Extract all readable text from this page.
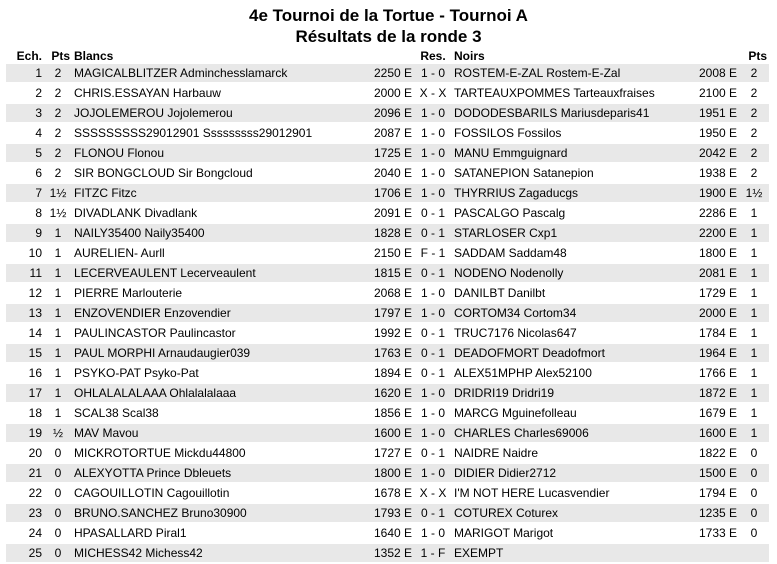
4e Tournoi de la Tortue - Tournoi A
Résultats de la ronde 3
Ech.	Pts	Blancs		Res.	Noirs		Pts
1	2	MAGICALBLITZER Adminchesslamarck	2250 E	1 - 0	ROSTEM-E-ZAL Rostem-E-Zal	2008 E	2
2	2	CHRIS.ESSAYAN Harbauw	2000 E	X - X	TARTEAUXPOMMES Tarteauxfraises	2100 E	2
3	2	JOJOLEMEROU Jojolemerou	2096 E	1 - 0	DODODESBARILS Mariusdeparis41	1951 E	2
4	2	SSSSSSSSS29012901 Sssssssss29012901	2087 E	1 - 0	FOSSILOS Fossilos	1950 E	2
5	2	FLONOU Flonou	1725 E	1 - 0	MANU Emmguignard	2042 E	2
6	2	SIR BONGCLOUD Sir Bongcloud	2040 E	1 - 0	SATANEPION Satanepion	1938 E	2
7	1½	FITZC Fitzc	1706 E	1 - 0	THYRRIUS Zagaducgs	1900 E	1½
8	1½	DIVADLANK Divadlank	2091 E	0 - 1	PASCALGO Pascalg	2286 E	1
9	1	NAILY35400 Naily35400	1828 E	0 - 1	STARLOSER Cxp1	2200 E	1
10	1	AURELIEN- Aurll	2150 E	F - 1	SADDAM Saddam48	1800 E	1
11	1	LECERVEAULENT Lecerveaulent	1815 E	0 - 1	NODENO Nodenolly	2081 E	1
12	1	PIERRE Marlouterie	2068 E	1 - 0	DANILBT Danilbt	1729 E	1
13	1	ENZOVENDIER Enzovendier	1797 E	1 - 0	CORTOM34 Cortom34	2000 E	1
14	1	PAULINCASTOR Paulincastor	1992 E	0 - 1	TRUC7176 Nicolas647	1784 E	1
15	1	PAUL MORPHI Arnaudaugier039	1763 E	0 - 1	DEADOFMORT Deadofmort	1964 E	1
16	1	PSYKO-PAT Psyko-Pat	1894 E	0 - 1	ALEX51MPHP Alex52100	1766 E	1
17	1	OHLALALALAAA Ohlalalalaaa	1620 E	1 - 0	DRIDRI19 Dridri19	1872 E	1
18	1	SCAL38 Scal38	1856 E	1 - 0	MARCG Mguinefolleau	1679 E	1
19	½	MAV Mavou	1600 E	1 - 0	CHARLES Charles69006	1600 E	1
20	0	MICKROTORTUE Mickdu44800	1727 E	0 - 1	NAIDRE Naidre	1822 E	0
21	0	ALEXYOTTA Prince Dbleuets	1800 E	1 - 0	DIDIER Didier2712	1500 E	0
22	0	CAGOUILLOTIN Cagouillotin	1678 E	X - X	I'M NOT HERE Lucasvendier	1794 E	0
23	0	BRUNO.SANCHEZ Bruno30900	1793 E	0 - 1	COTUREX Coturex	1235 E	0
24	0	HPASALLARD Piral1	1640 E	1 - 0	MARIGOT Marigot	1733 E	0
25	0	MICHESS42 Michess42	1352 E	1 - F	EXEMPT		
